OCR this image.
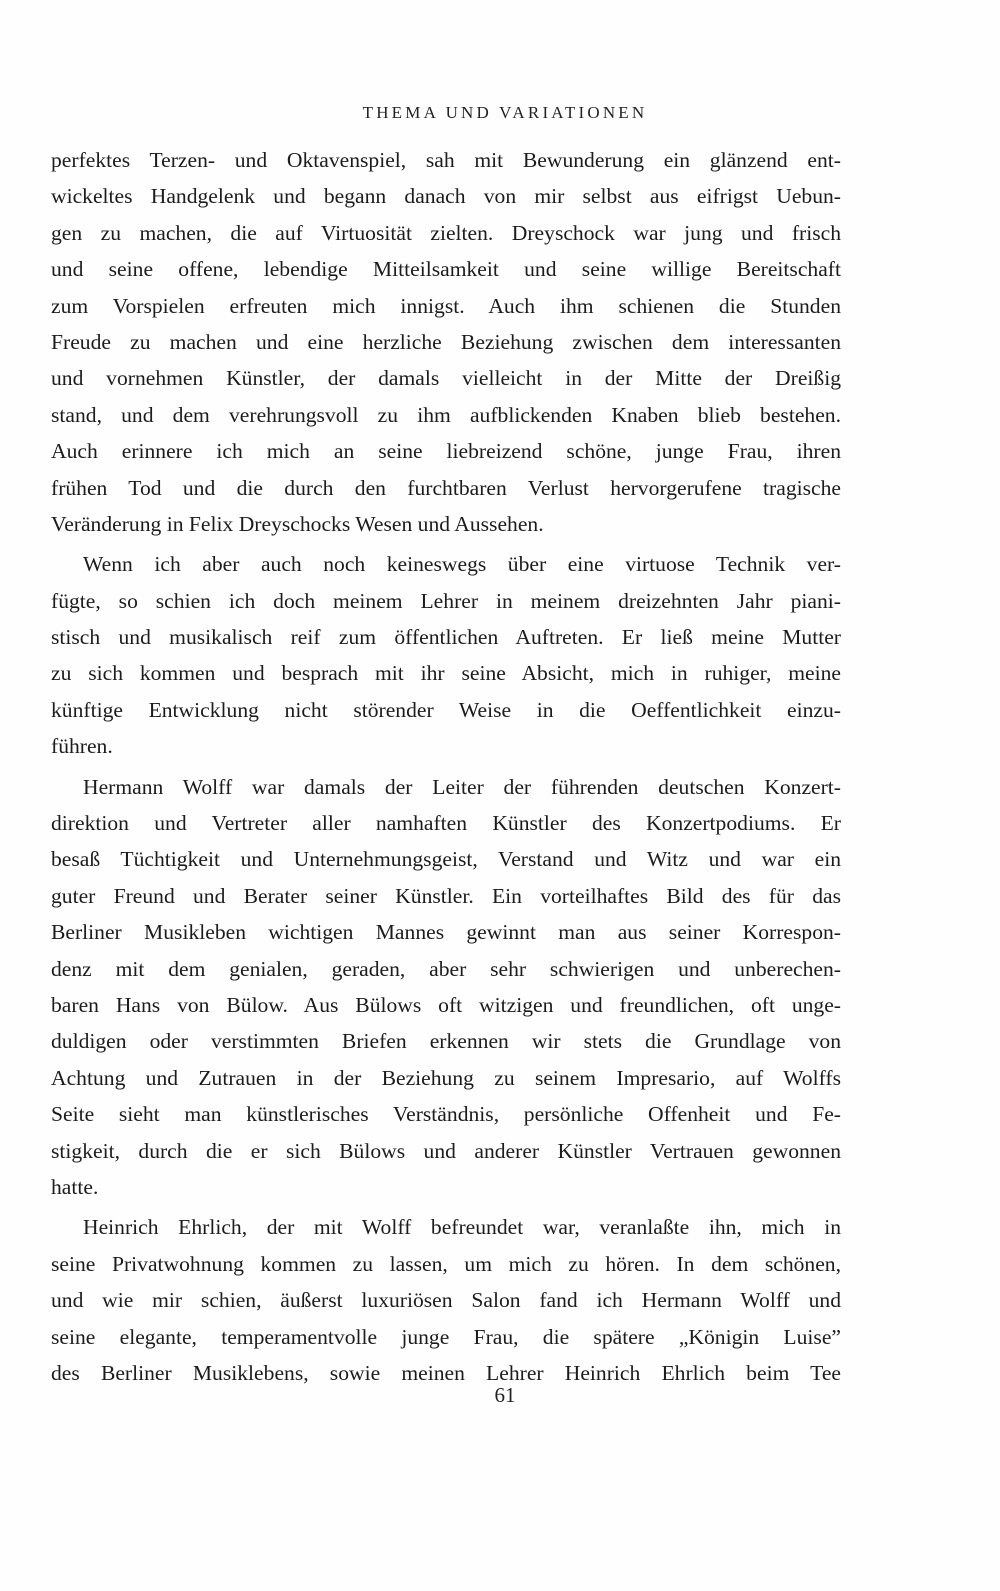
THEMA UND VARIATIONEN
perfektes Terzen- und Oktavenspiel, sah mit Bewunderung ein glänzend ent-
wickeltes Handgelenk und begann danach von mir selbst aus eifrigst Uebun-
gen zu machen, die auf Virtuosität zielten. Dreyschock war jung und frisch
und seine offene, lebendige Mitteilsamkeit und seine willige Bereitschaft
zum Vorspielen erfreuten mich innigst. Auch ihm schienen die Stunden
Freude zu machen und eine herzliche Beziehung zwischen dem interessanten
und vornehmen Künstler, der damals vielleicht in der Mitte der Dreißig
stand, und dem verehrungsvoll zu ihm aufblickenden Knaben blieb bestehen.
Auch erinnere ich mich an seine liebreizend schöne, junge Frau, ihren
frühen Tod und die durch den furchtbaren Verlust hervorgerufene tragische
Veränderung in Felix Dreyschocks Wesen und Aussehen.
Wenn ich aber auch noch keineswegs über eine virtuose Technik ver-
fügte, so schien ich doch meinem Lehrer in meinem dreizehnten Jahr piani-
stisch und musikalisch reif zum öffentlichen Auftreten. Er ließ meine Mutter
zu sich kommen und besprach mit ihr seine Absicht, mich in ruhiger, meine
künftige Entwicklung nicht störender Weise in die Oeffentlichkeit einzu-
führen.
Hermann Wolff war damals der Leiter der führenden deutschen Konzert-
direktion und Vertreter aller namhaften Künstler des Konzertpodiums. Er
besaß Tüchtigkeit und Unternehmungsgeist, Verstand und Witz und war ein
guter Freund und Berater seiner Künstler. Ein vorteilhaftes Bild des für das
Berliner Musikleben wichtigen Mannes gewinnt man aus seiner Korrespon-
denz mit dem genialen, geraden, aber sehr schwierigen und unberechen-
baren Hans von Bülow. Aus Bülows oft witzigen und freundlichen, oft unge-
duldigen oder verstimmten Briefen erkennen wir stets die Grundlage von
Achtung und Zutrauen in der Beziehung zu seinem Impresario, auf Wolffs
Seite sieht man künstlerisches Verständnis, persönliche Offenheit und Fe-
stigkeit, durch die er sich Bülows und anderer Künstler Vertrauen gewonnen
hatte.
Heinrich Ehrlich, der mit Wolff befreundet war, veranlaßte ihn, mich in
seine Privatwohnung kommen zu lassen, um mich zu hören. In dem schönen,
und wie mir schien, äußerst luxuriösen Salon fand ich Hermann Wolff und
seine elegante, temperamentvolle junge Frau, die spätere „Königin Luise”
des Berliner Musiklebens, sowie meinen Lehrer Heinrich Ehrlich beim Tee
61
